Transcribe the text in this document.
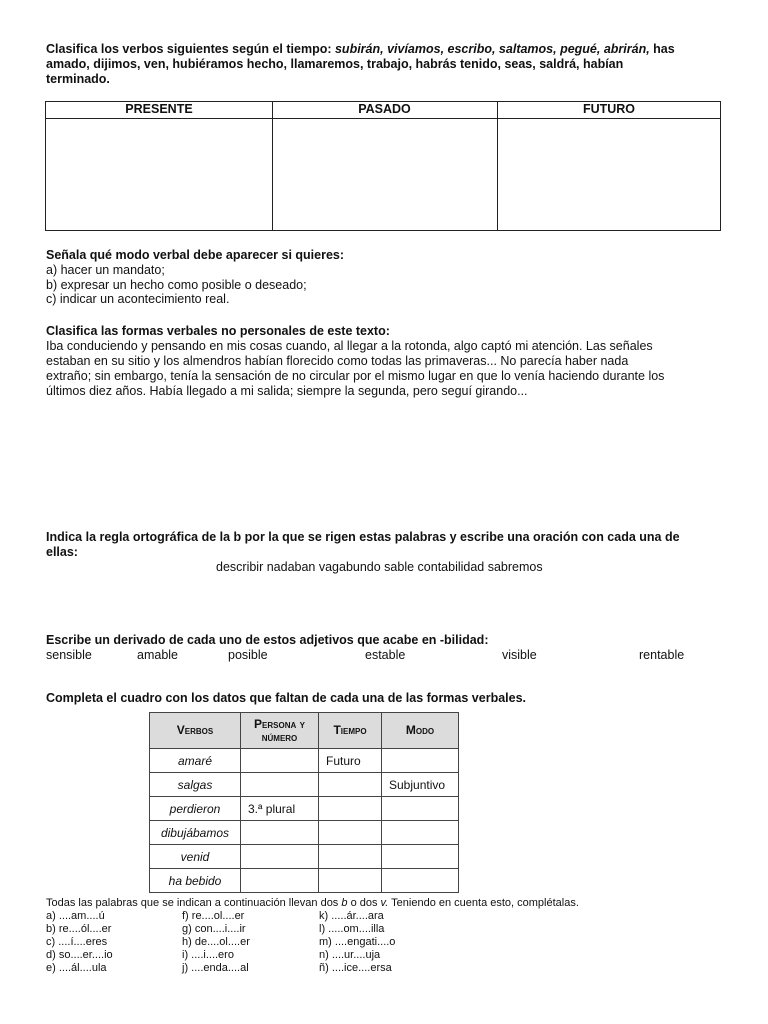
Clasifica los verbos siguientes según el tiempo: subirán, vivíamos, escribo, saltamos, pegué, abrirán, has
amado, dijimos, ven, hubiéramos hecho, llamaremos, trabajo, habrás tenido, seas, saldrá, habían
terminado.
PRESENTE	PASADO	FUTURO
Señala qué modo verbal debe aparecer si quieres:
a) hacer un mandato;
b) expresar un hecho como posible o deseado;
c) indicar un acontecimiento real.
Clasifica las formas verbales no personales de este texto:
Iba conduciendo y pensando en mis cosas cuando, al llegar a la rotonda, algo captó mi atención. Las señales
estaban en su sitio y los almendros habían florecido como todas las primaveras... No parecía haber nada
extraño; sin embargo, tenía la sensación de no circular por el mismo lugar en que lo venía haciendo durante los
últimos diez años. Había llegado a mi salida; siempre la segunda, pero seguí girando...
Indica la regla ortográfica de la b por la que se rigen estas palabras y escribe una oración con cada una de
ellas:
describir nadaban vagabundo sable contabilidad sabremos
Escribe un derivado de cada uno de estos adjetivos que acabe en -bilidad:
sensible	amable	posible	estable	visible	rentable
Completa el cuadro con los datos que faltan de cada una de las formas verbales.
Verbos	Persona y número	Tiempo	Modo
amaré		Futuro	
salgas			Subjuntivo
perdieron	3.ª plural		
dibujábamos			
venid			
ha bebido			
Todas las palabras que se indican a continuación llevan dos b o dos v. Teniendo en cuenta esto, complétalas.
a) ....am....ú
b) re....ól....er
c) ....í....eres
d) so....er....io
e) ....ál....ula
f) re....ol....er
g) con....i....ir
h) de....ol....er
i) ....i....ero
j) ....enda....al
k) .....ár....ara
l) .....om....illa
m) ....engati....o
n) ....ur....uja
ñ) ....ice....ersa
